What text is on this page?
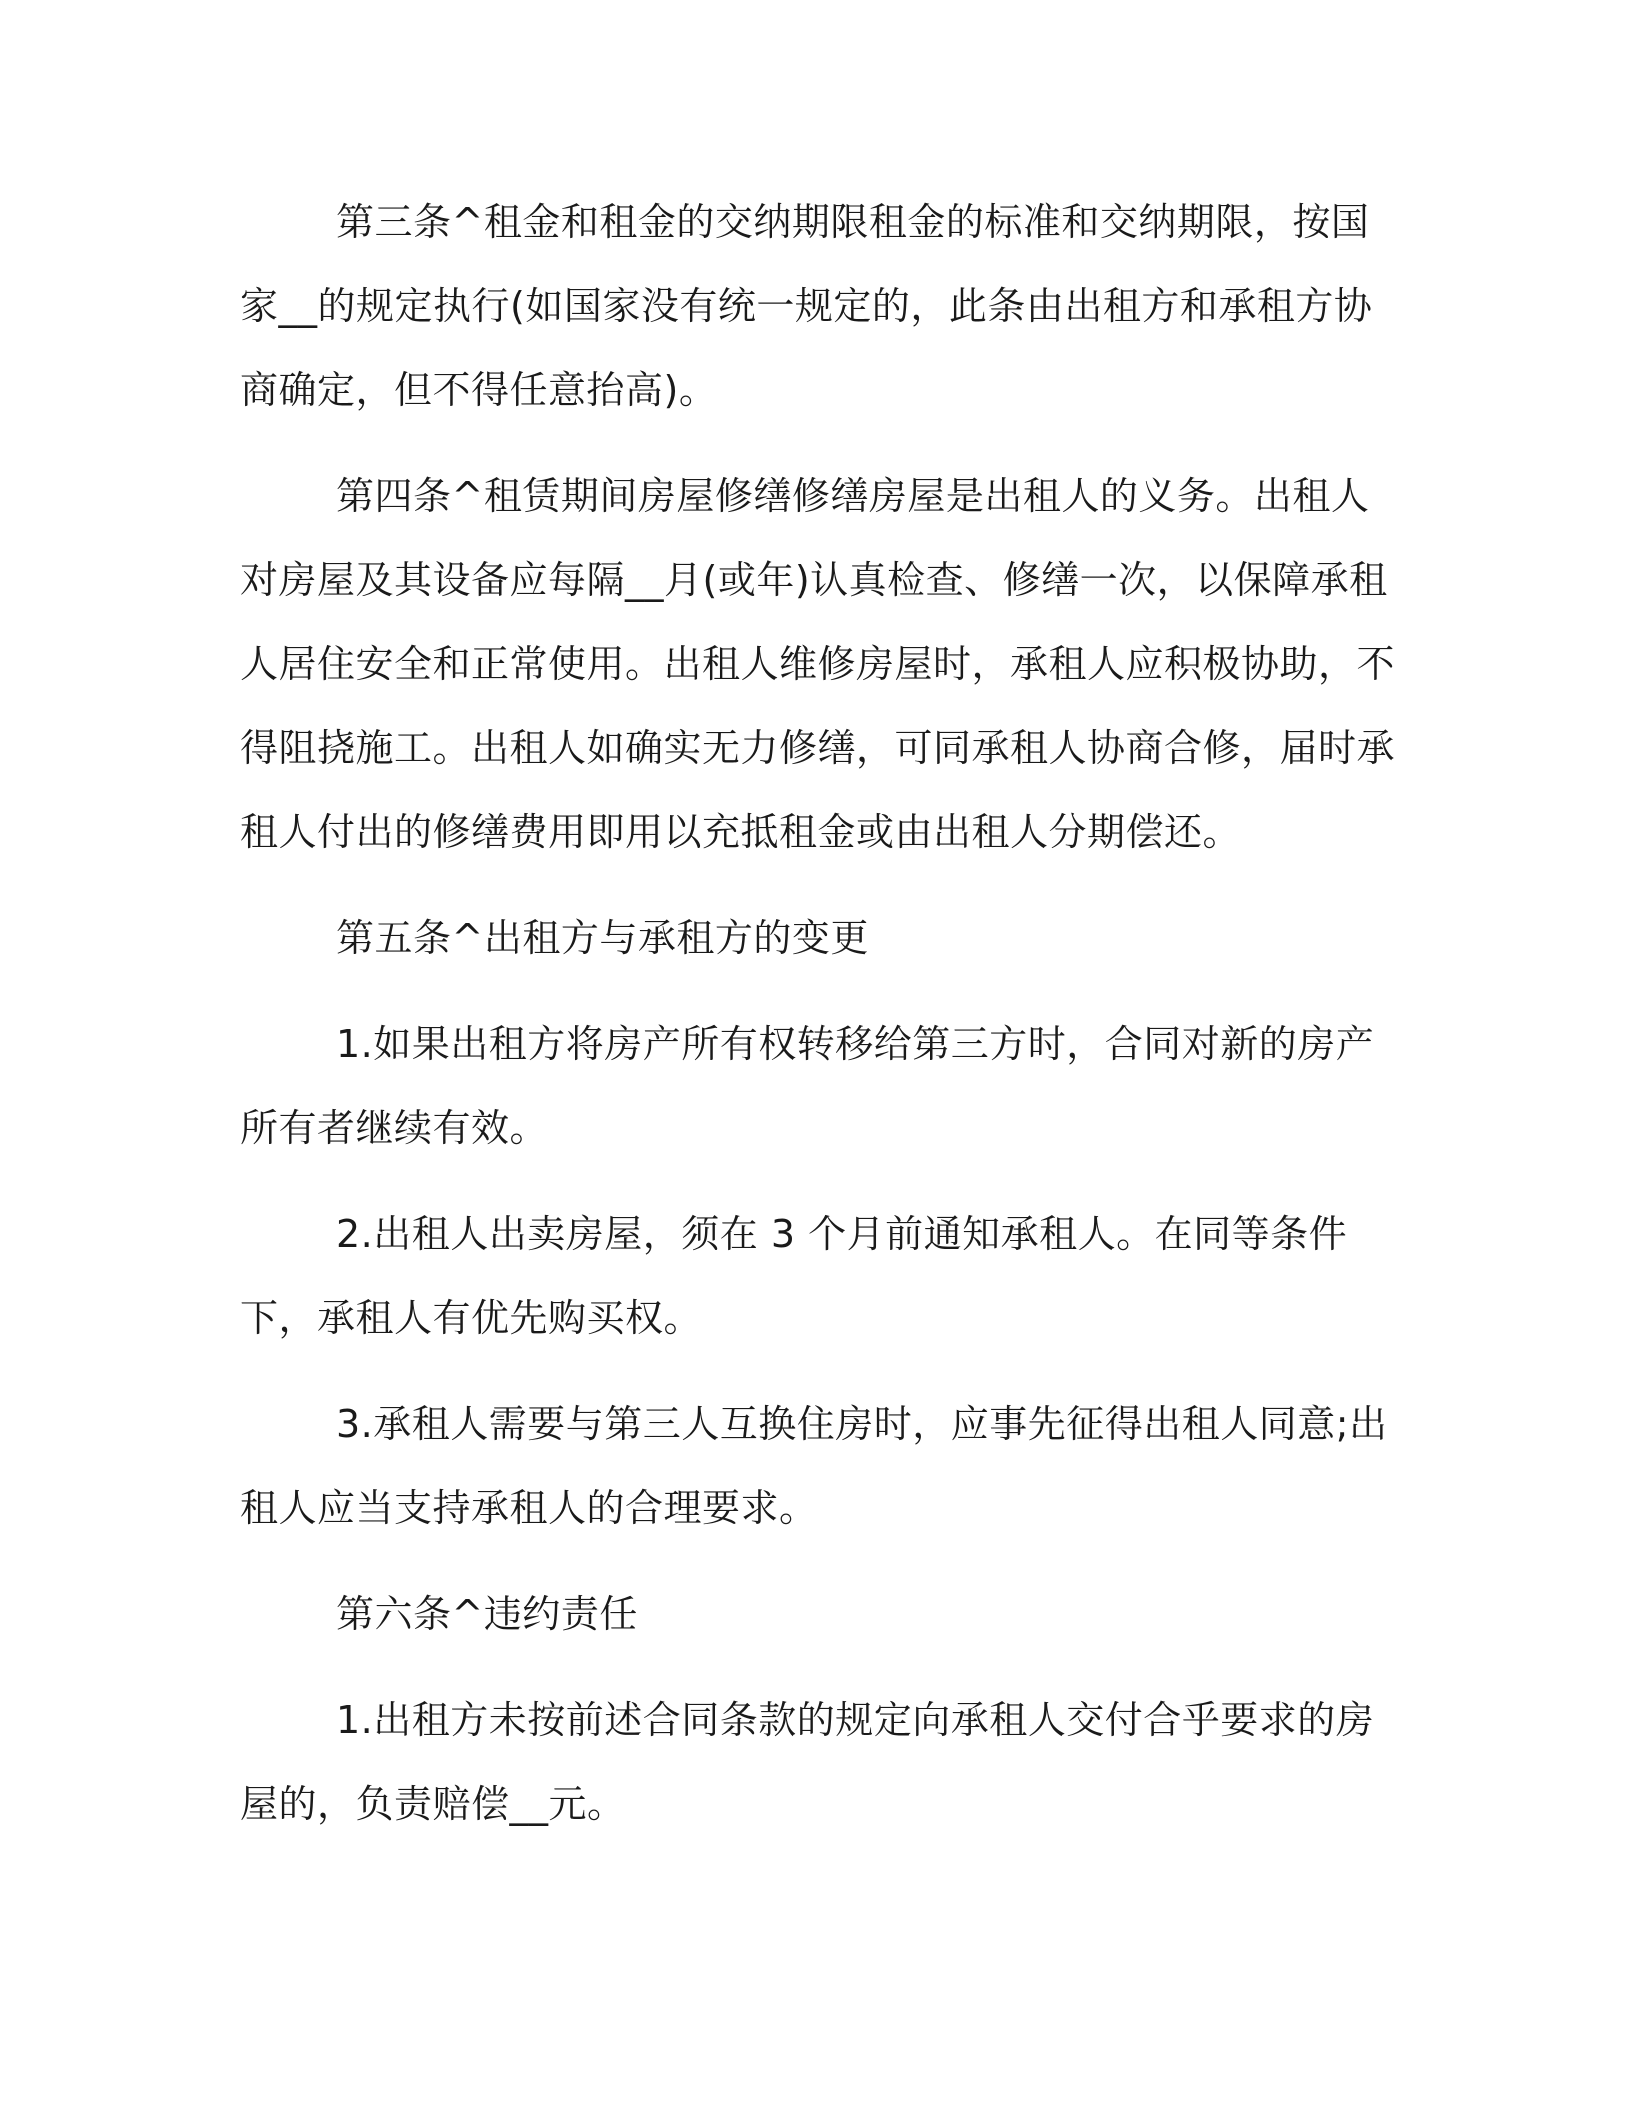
第三条^租金和租金的交纳期限租金的标准和交纳期限，按国家__的规定执行(如国家没有统一规定的，此条由出租方和承租方协商确定，但不得任意抬高)。

第四条^租赁期间房屋修缮修缮房屋是出租人的义务。出租人对房屋及其设备应每隔__月(或年)认真检查、修缮一次，以保障承租人居住安全和正常使用。出租人维修房屋时，承租人应积极协助，不得阻挠施工。出租人如确实无力修缮，可同承租人协商合修，届时承租人付出的修缮费用即用以充抵租金或由出租人分期偿还。

第五条^出租方与承租方的变更

1.如果出租方将房产所有权转移给第三方时，合同对新的房产所有者继续有效。

2.出租人出卖房屋，须在 3 个月前通知承租人。在同等条件下，承租人有优先购买权。

3.承租人需要与第三人互换住房时，应事先征得出租人同意;出租人应当支持承租人的合理要求。

第六条^违约责任

1.出租方未按前述合同条款的规定向承租人交付合乎要求的房屋的，负责赔偿__元。
